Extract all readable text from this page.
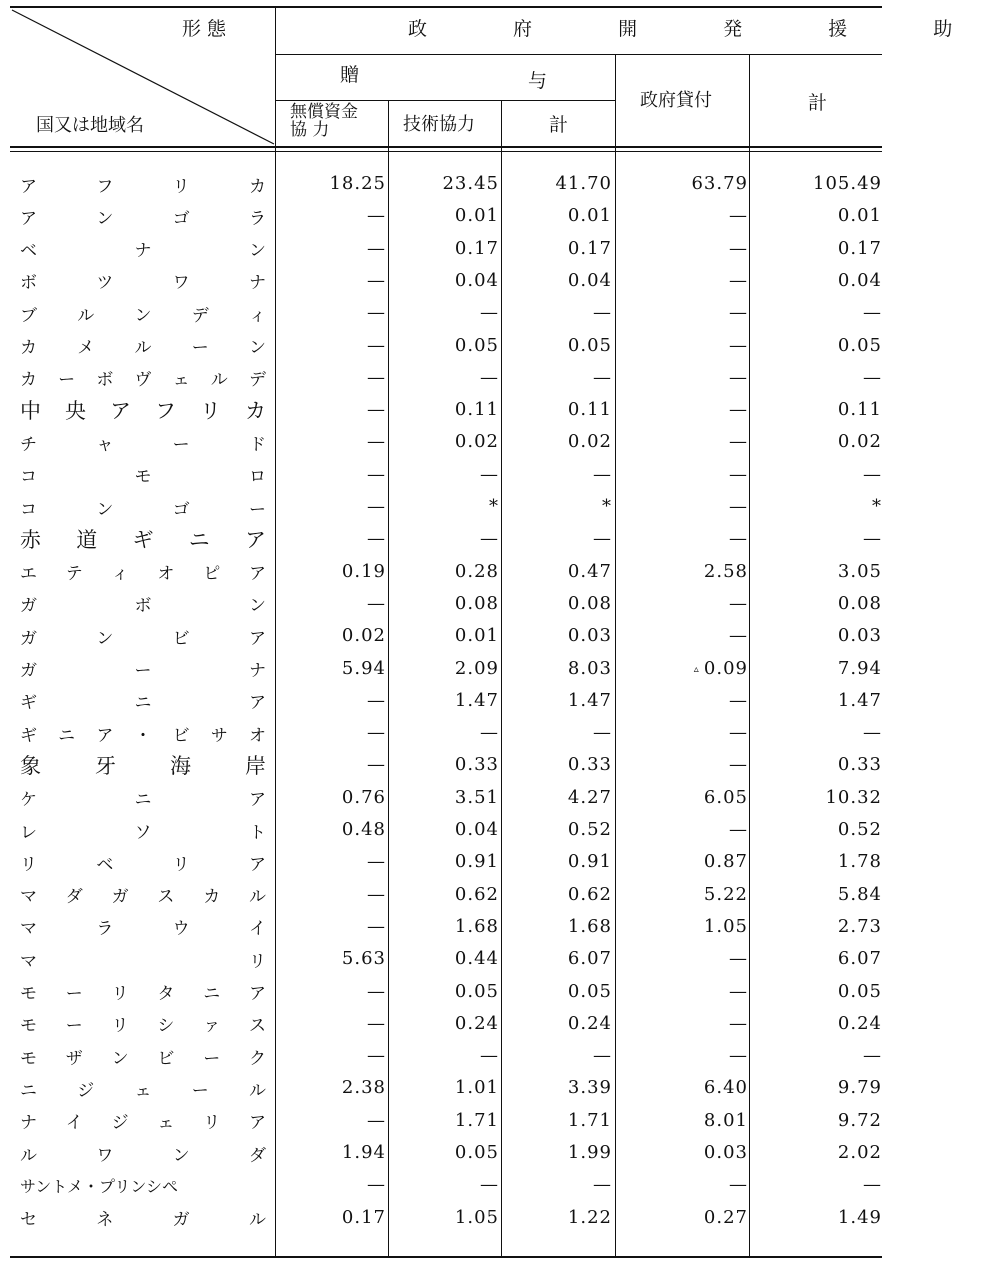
形 態
国又は地域名
政 府 開 発 援 助
贈	与
無償資金
協 力	技術協力	計
政府貸付	計
ア	フ	リ	カ	18.25	23.45	41.70	63.79	105.49
ア	ン	ゴ	ラ	—	0.01	0.01	—	0.01
ベ	ナ	ン	—	0.17	0.17	—	0.17
ボ	ツ	ワ	ナ	—	0.04	0.04	—	0.04
ブ ル ン デ ィ	—	—	—	—	—
カ メ ル ー ン	—	0.05	0.05	—	0.05
カ ー ボ ヴ ェ ル デ	—	—	—	—	—
中 央 ア フ リ カ	—	0.11	0.11	—	0.11
チ	ャ	ー	ド	—	0.02	0.02	—	0.02
コ	モ	ロ	—	—	—	—	—
コ	ン	ゴ	ー	—	*	*	—	*
赤 道 ギ ニ ア	—	—	—	—	—
エ テ ィ オ ピ ア	0.19	0.28	0.47	2.58	3.05
ガ	ボ	ン	—	0.08	0.08	—	0.08
ガ	ン	ビ	ア	0.02	0.01	0.03	—	0.03
ガ	ー	ナ	5.94	2.09	8.03
▵	0.09	7.94
ギ	ニ	ア	—	1.47	1.47	—	1.47
ギ ニ ア ・ ビ サ オ	—	—	—	—	—
象	牙	海	岸	—	0.33	0.33	—	0.33
ケ	ニ	ア	0.76	3.51	4.27	6.05	10.32
レ	ソ	ト	0.48	0.04	0.52	—	0.52
リ	ベ	リ	ア	—	0.91	0.91	0.87	1.78
マ ダ ガ ス カ ル	—	0.62	0.62	5.22	5.84
マ	ラ	ウ	イ	—	1.68	1.68	1.05	2.73
マ	リ	5.63	0.44	6.07	—	6.07
モ ー リ タ ニ ア	—	0.05	0.05	—	0.05
モ ー リ シ ァ ス	—	0.24	0.24	—	0.24
モ ザ ン ビ ー ク	—	—	—	—	—
ニ ジ ェ ー ル	2.38	1.01	3.39	6.40	9.79
ナ イ ジ ェ リ ア	—	1.71	1.71	8.01	9.72
ル	ワ	ン	ダ	1.94	0.05	1.99	0.03	2.02
サントメ・プリンシペ	—	—	—	—	—
セ	ネ	ガ	ル	0.17	1.05	1.22	0.27	1.49
